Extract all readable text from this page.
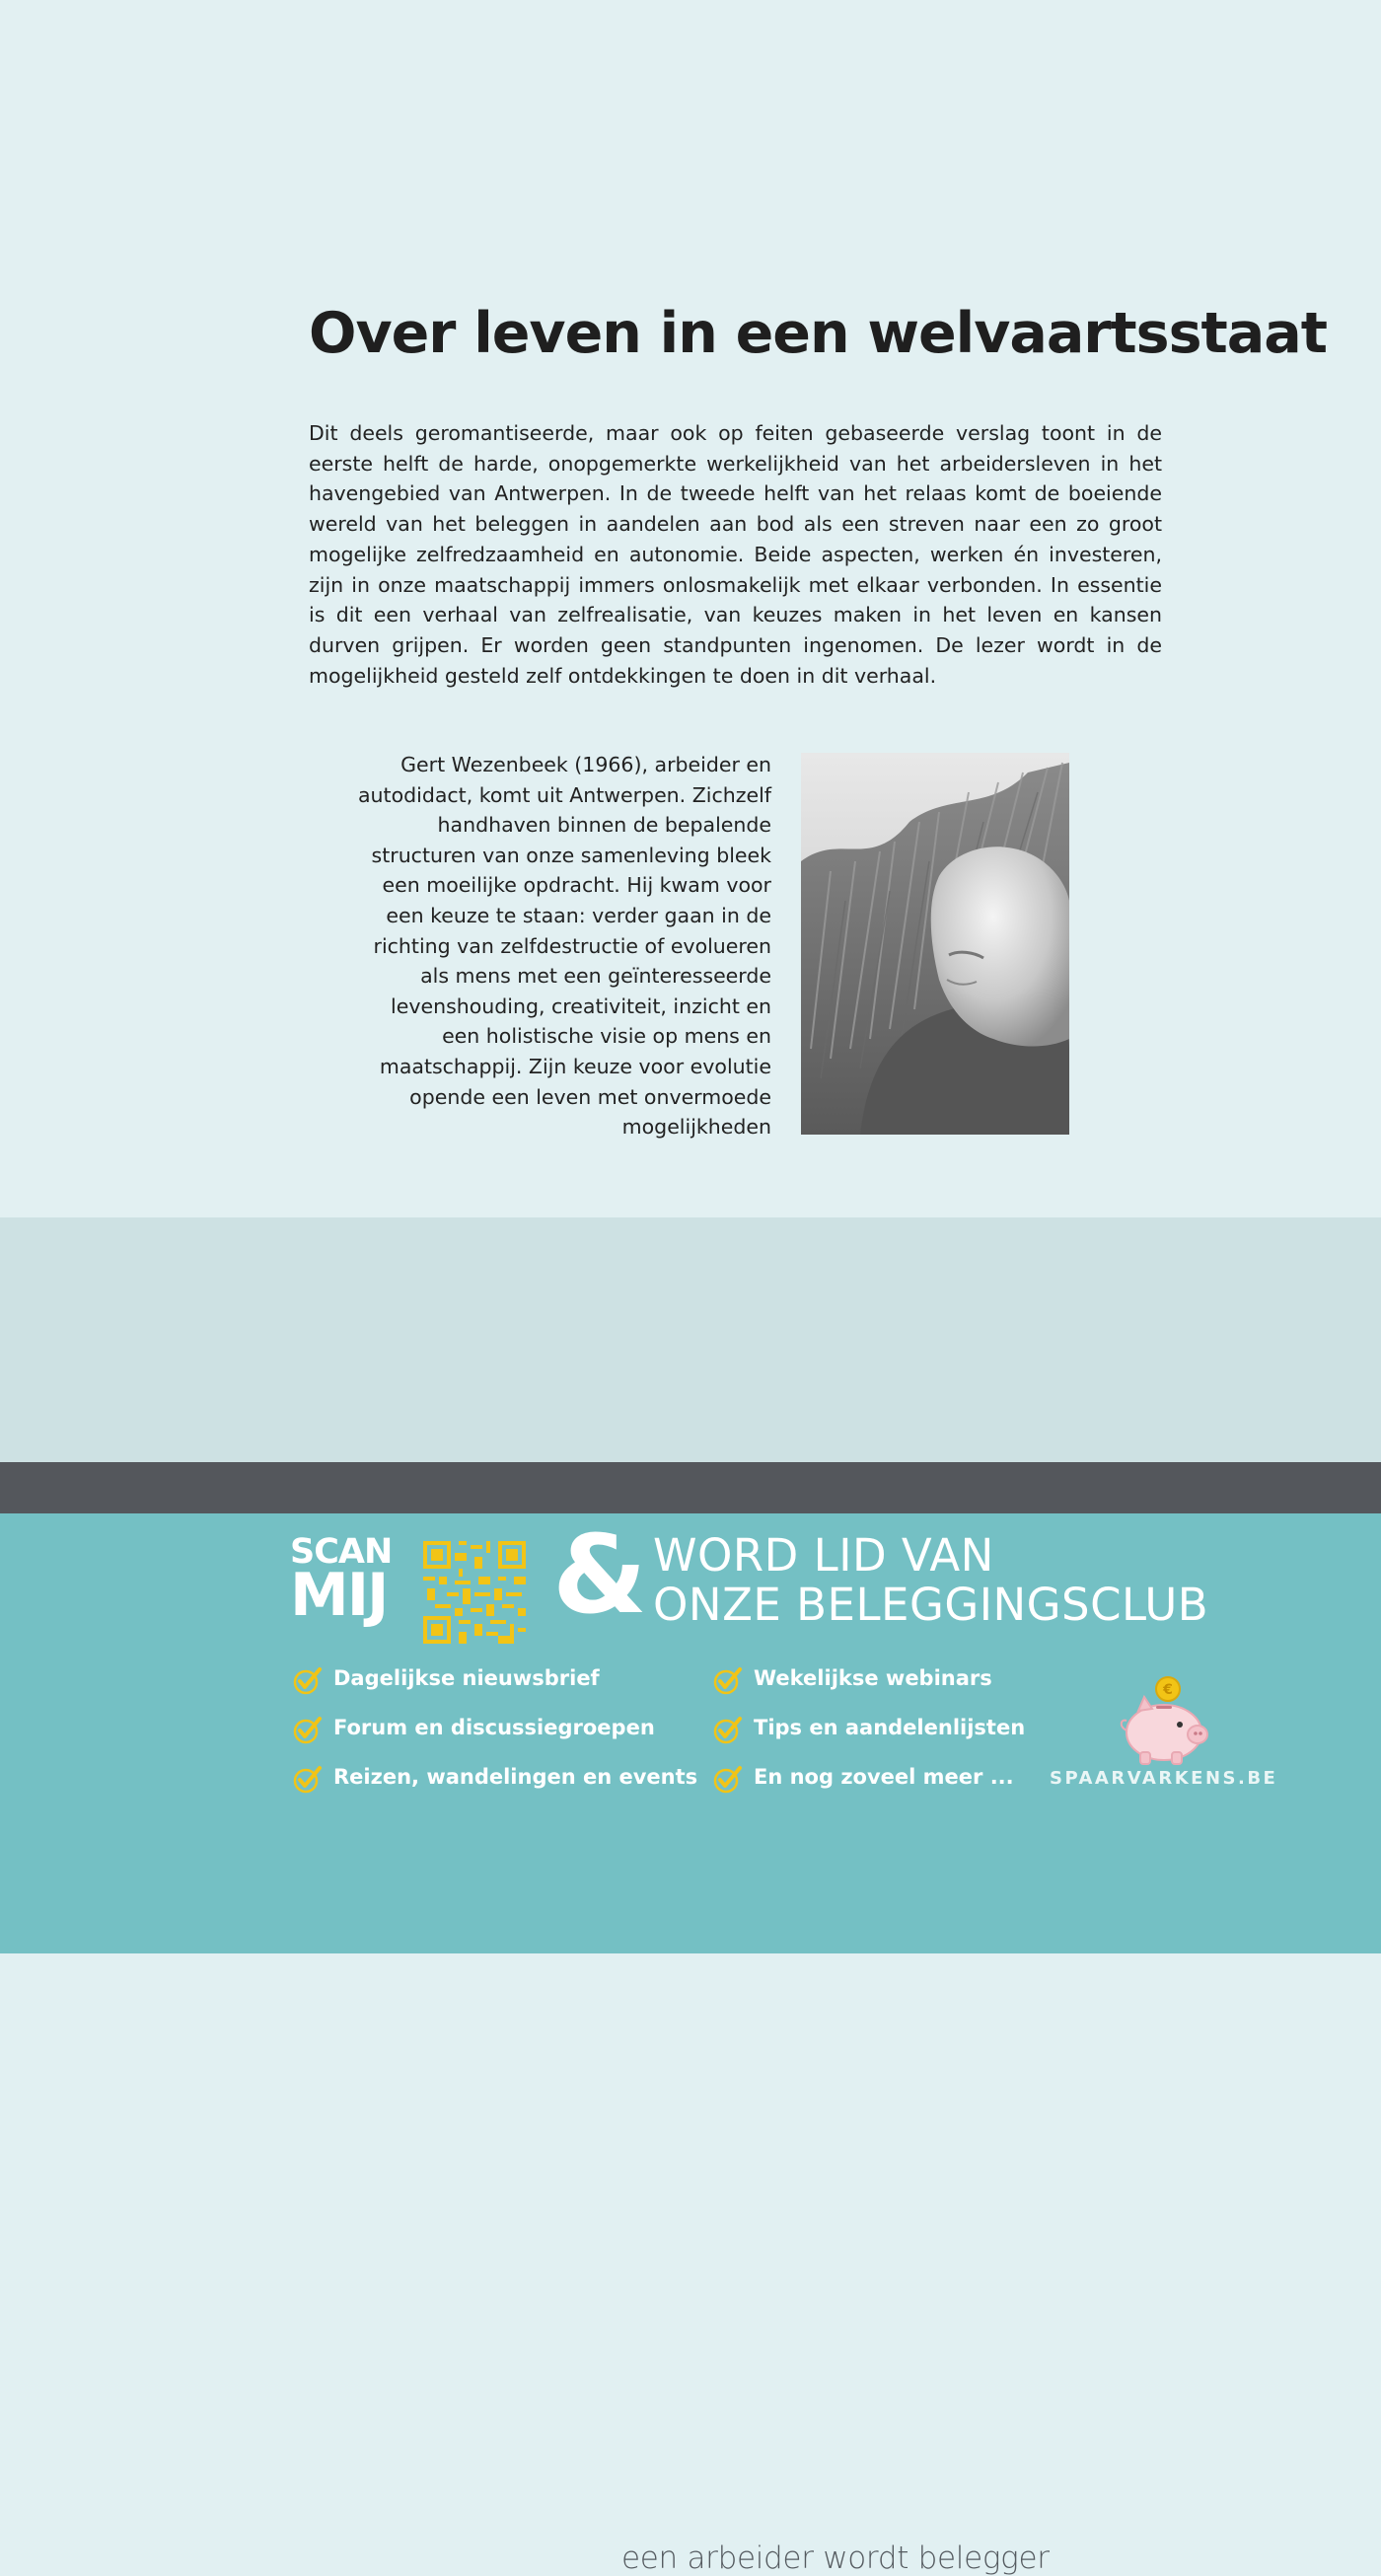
Over leven in een welvaartsstaat

Dit deels geromantiseerde, maar ook op feiten gebaseerde verslag toont in de eerste helft de harde, onopgemerkte werkelijkheid van het arbeidersleven in het havengebied van Antwerpen. In de tweede helft van het relaas komt de boeiende wereld van het beleggen in aandelen aan bod als een streven naar een zo groot mogelijke zelfredzaamheid en autonomie. Beide aspecten, werken én investeren, zijn in onze maatschappij immers onlosmakelijk met elkaar verbonden. In essentie is dit een verhaal van zelfrealisatie, van keuzes maken in het leven en kansen durven grijpen. Er worden geen standpunten ingenomen. De lezer wordt in de mogelijkheid gesteld zelf ontdekkingen te doen in dit verhaal.

Gert Wezenbeek (1966), arbeider en autodidact, komt uit Antwerpen. Zichzelf handhaven binnen de bepalende structuren van onze samenleving bleek een moeilijke opdracht. Hij kwam voor een keuze te staan: verder gaan in de richting van zelfdestructie of evolueren als mens met een geïnteresseerde levenshouding, creativiteit, inzicht en een holistische visie op mens en maatschappij. Zijn keuze voor evolutie opende een leven met onvermoede mogelijkheden

een arbeider wordt belegger
SCAN
MIJ & WORD LID VAN
ONZE BELEGGINGSCLUB
Dagelijkse nieuwsbrief
Forum en discussiegroepen
Reizen, wandelingen en events
Wekelijkse webinars
Tips en aandelenlijsten
En nog zoveel meer ...
€
SPAARVARKENS.BE
